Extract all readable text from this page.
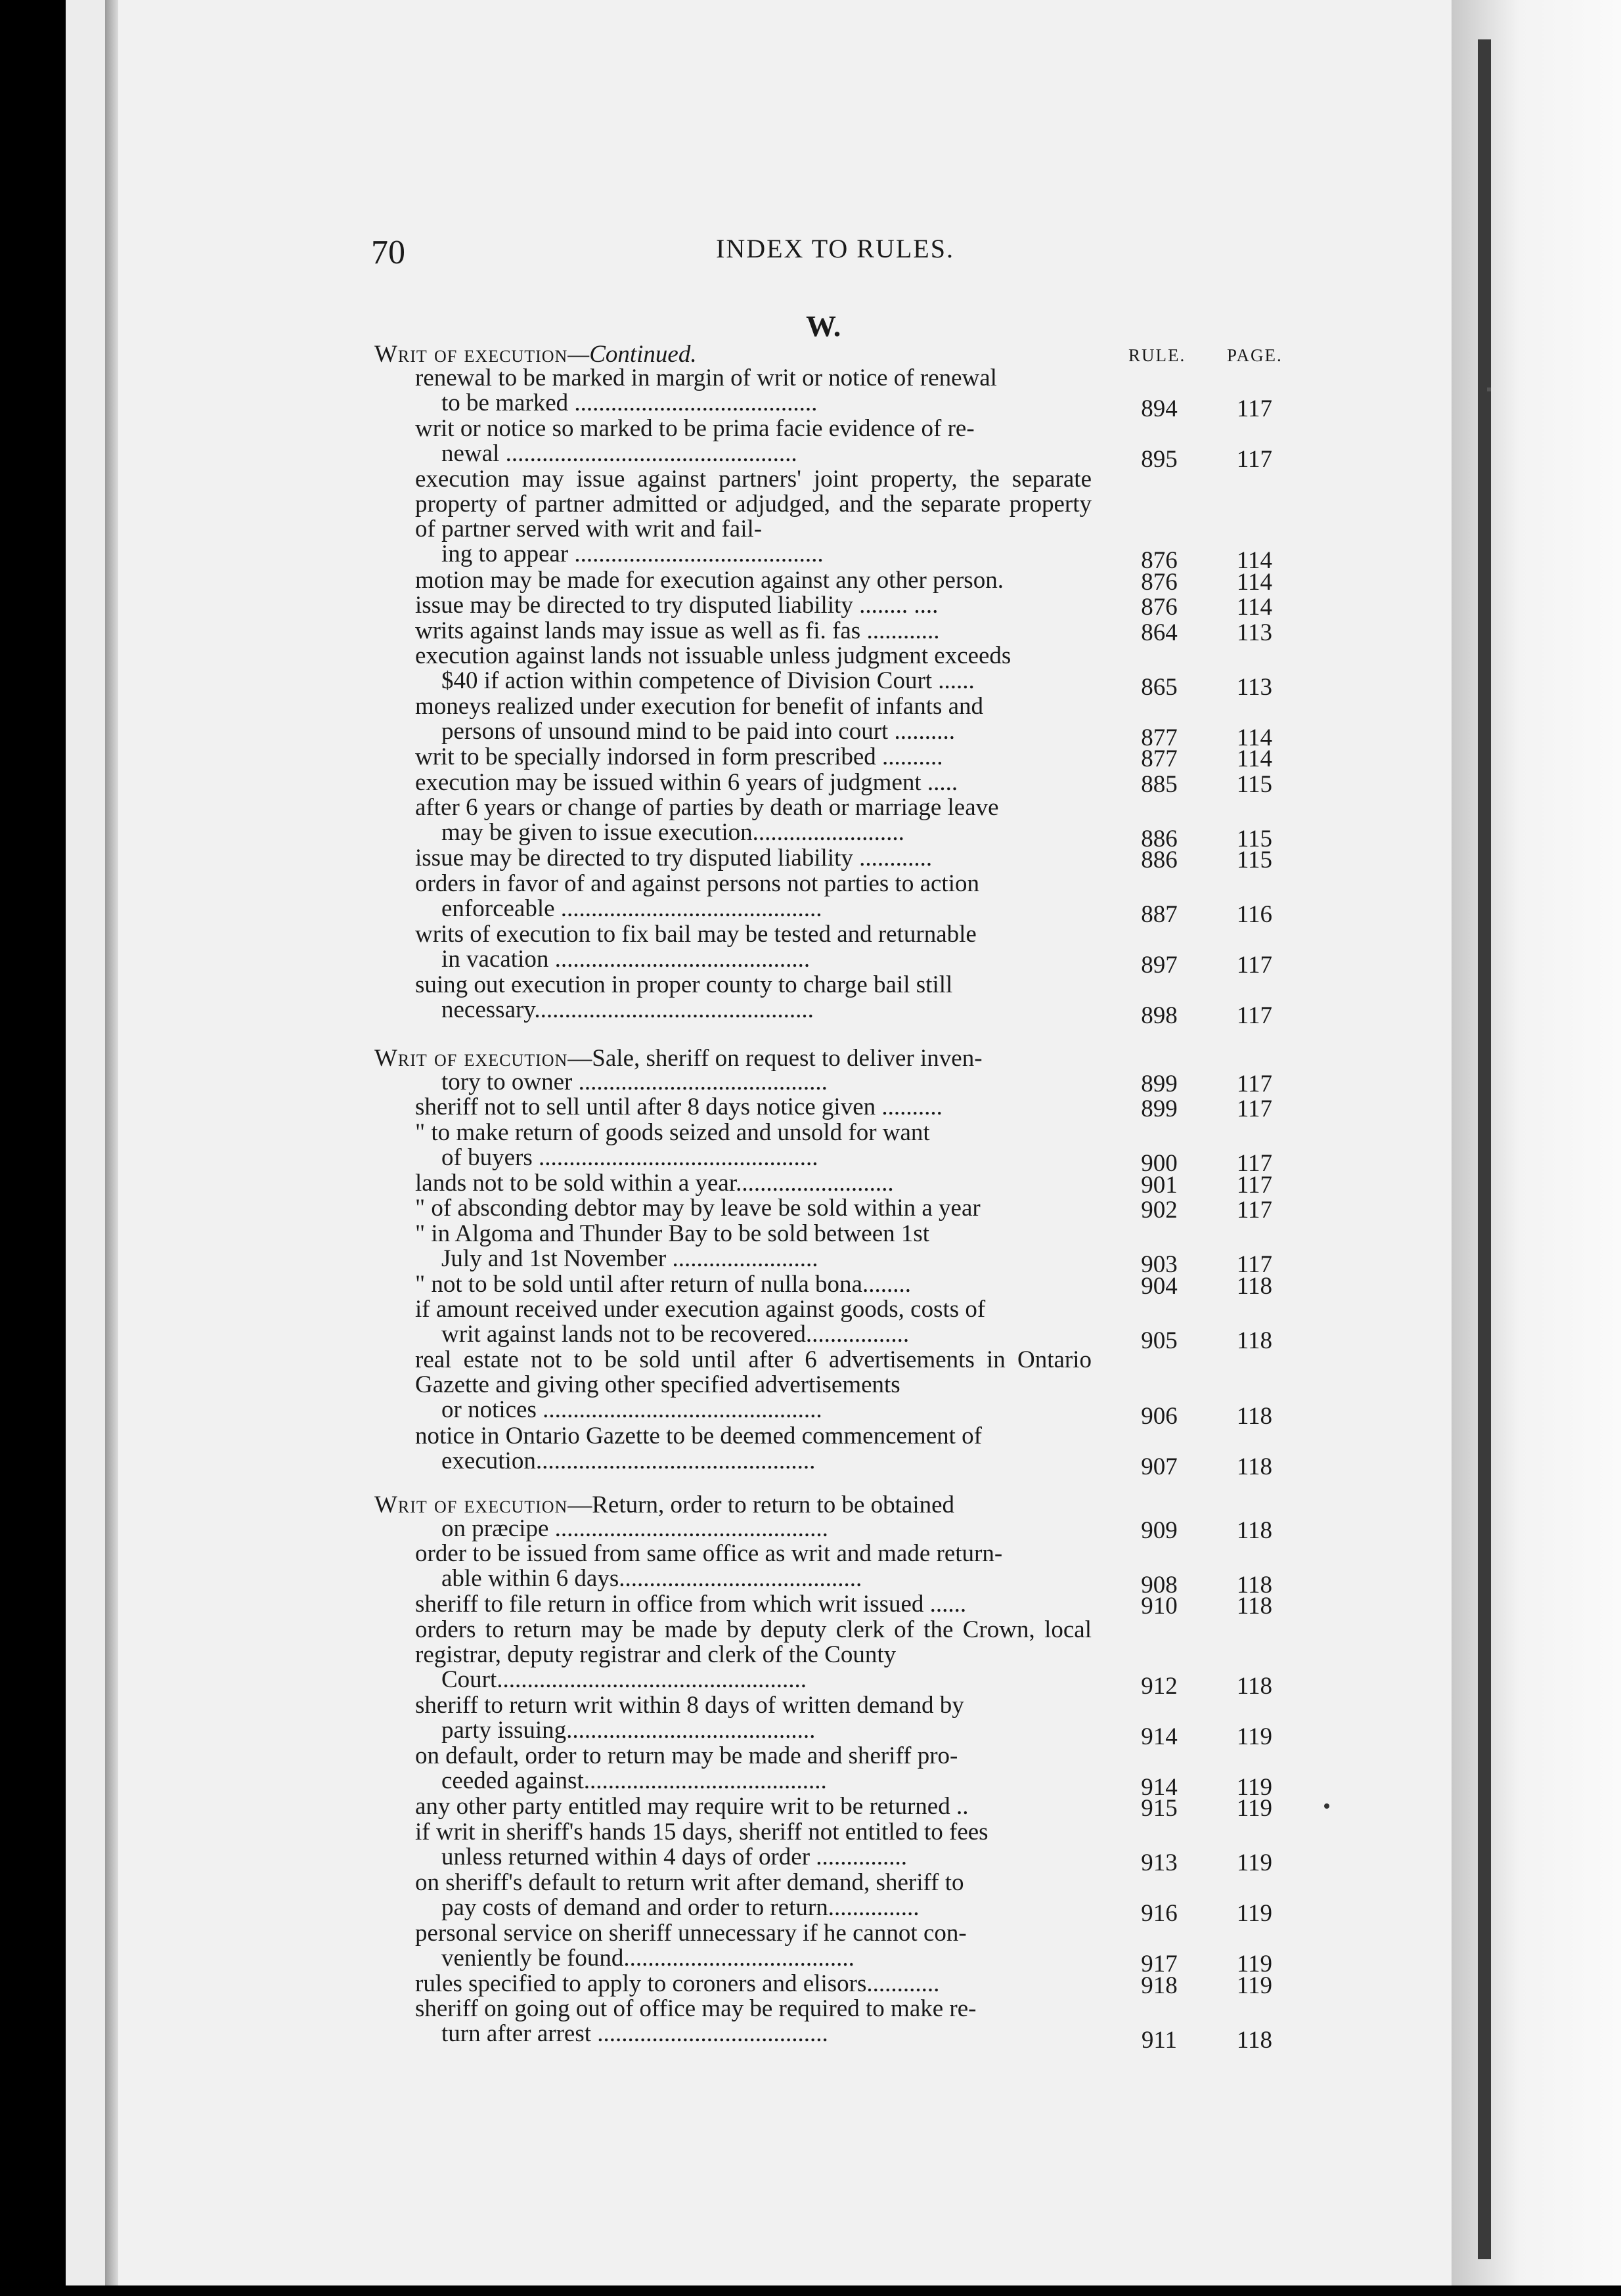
70	INDEX TO RULES.
W.
RULE. PAGE.
Writ of execution—Continued.
renewal to be marked in margin of writ or notice of renewal
to be marked ........................................	894 117
writ or notice so marked to be prima facie evidence of re-
newal ................................................	895 117
execution may issue against partners' joint property, the separate property of partner admitted or adjudged, and the separate property of partner served with writ and fail-
ing to appear .........................................	876 114
motion may be made for execution against any other person.	876 114
issue may be directed to try disputed liability ........ ....	876 114
writs against lands may issue as well as fi. fas ............	864 113
execution against lands not issuable unless judgment exceeds
$40 if action within competence of Division Court ......	865 113
moneys realized under execution for benefit of infants and
persons of unsound mind to be paid into court ..........	877 114
writ to be specially indorsed in form prescribed ..........	877 114
execution may be issued within 6 years of judgment .....	885 115
after 6 years or change of parties by death or marriage leave
may be given to issue execution.........................	886 115
issue may be directed to try disputed liability ............	886 115
orders in favor of and against persons not parties to action
enforceable ...........................................	887 116
writs of execution to fix bail may be tested and returnable
in vacation ..........................................	897 117
suing out execution in proper county to charge bail still
necessary..............................................	898 117
Writ of execution—Sale, sheriff on request to deliver inven-
tory to owner .........................................	899 117
sheriff not to sell until after 8 days notice given ..........	899 117
" to make return of goods seized and unsold for want
of buyers ..............................................	900 117
lands not to be sold within a year..........................	901 117
" of absconding debtor may by leave be sold within a year	902 117
" in Algoma and Thunder Bay to be sold between 1st
July and 1st November ........................	903 117
" not to be sold until after return of nulla bona........	904 118
if amount received under execution against goods, costs of
writ against lands not to be recovered.................	905 118
real estate not to be sold until after 6 advertisements in Ontario Gazette and giving other specified advertisements
or notices ..............................................	906 118
notice in Ontario Gazette to be deemed commencement of
execution..............................................	907 118
Writ of execution—Return, order to return to be obtained
on præcipe .............................................	909 118
order to be issued from same office as writ and made return-
able within 6 days........................................	908 118
sheriff to file return in office from which writ issued ......	910 118
orders to return may be made by deputy clerk of the Crown, local registrar, deputy registrar and clerk of the County
Court...................................................	912 118
sheriff to return writ within 8 days of written demand by
party issuing.........................................	914 119
on default, order to return may be made and sheriff pro-
ceeded against........................................	914 119
any other party entitled may require writ to be returned ..	915 119
if writ in sheriff's hands 15 days, sheriff not entitled to fees
unless returned within 4 days of order ...............	913 119
on sheriff's default to return writ after demand, sheriff to
pay costs of demand and order to return...............	916 119
personal service on sheriff unnecessary if he cannot con-
veniently be found......................................	917 119
rules specified to apply to coroners and elisors............	918 119
sheriff on going out of office may be required to make re-
turn after arrest ......................................	911 118
